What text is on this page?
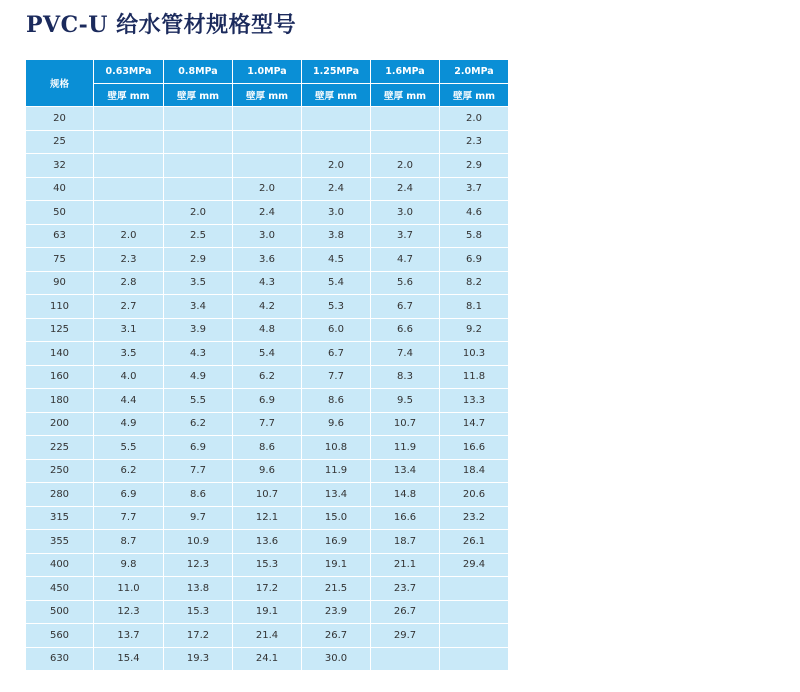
PVC-U 给水管材规格型号
规格	0.63MPa	0.8MPa	1.0MPa	1.25MPa	1.6MPa	2.0MPa
	壁厚 mm	壁厚 mm	壁厚 mm	壁厚 mm	壁厚 mm	壁厚 mm
20						2.0
25						2.3
32				2.0	2.0	2.9
40			2.0	2.4	2.4	3.7
50		2.0	2.4	3.0	3.0	4.6
63	2.0	2.5	3.0	3.8	3.7	5.8
75	2.3	2.9	3.6	4.5	4.7	6.9
90	2.8	3.5	4.3	5.4	5.6	8.2
110	2.7	3.4	4.2	5.3	6.7	8.1
125	3.1	3.9	4.8	6.0	6.6	9.2
140	3.5	4.3	5.4	6.7	7.4	10.3
160	4.0	4.9	6.2	7.7	8.3	11.8
180	4.4	5.5	6.9	8.6	9.5	13.3
200	4.9	6.2	7.7	9.6	10.7	14.7
225	5.5	6.9	8.6	10.8	11.9	16.6
250	6.2	7.7	9.6	11.9	13.4	18.4
280	6.9	8.6	10.7	13.4	14.8	20.6
315	7.7	9.7	12.1	15.0	16.6	23.2
355	8.7	10.9	13.6	16.9	18.7	26.1
400	9.8	12.3	15.3	19.1	21.1	29.4
450	11.0	13.8	17.2	21.5	23.7	
500	12.3	15.3	19.1	23.9	26.7	
560	13.7	17.2	21.4	26.7	29.7	
630	15.4	19.3	24.1	30.0		
